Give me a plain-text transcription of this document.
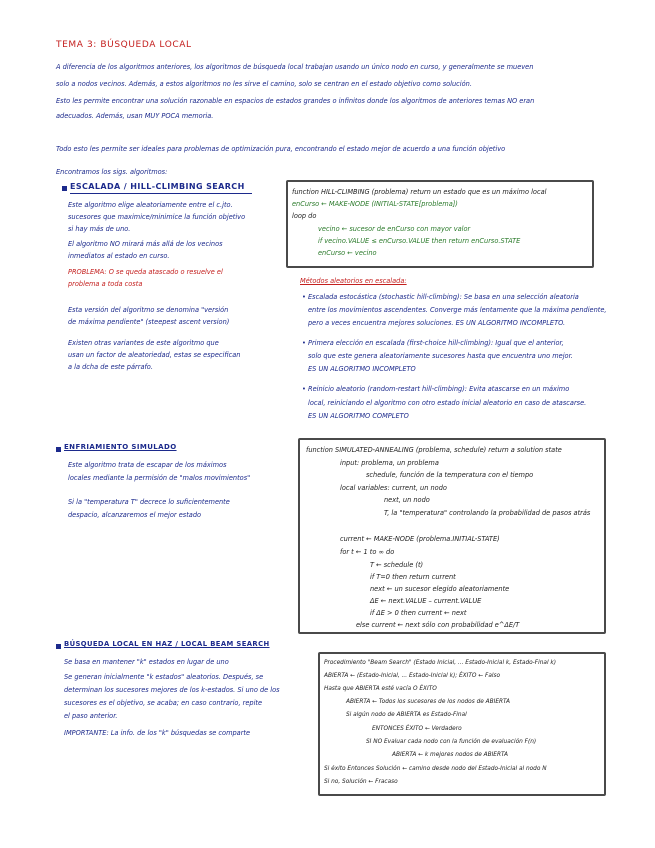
TEMA 3: BÚSQUEDA LOCAL
A diferencia de los algoritmos anteriores, los algoritmos de búsqueda local trabajan usando un único nodo en curso, y generalmente se mueven
solo a nodos vecinos. Además, a estos algoritmos no les sirve el camino, solo se centran en el estado objetivo como solución.
Esto les permite encontrar una solución razonable en espacios de estados grandes o infinitos donde los algoritmos de anteriores temas NO eran
adecuados. Además, usan MUY POCA memoria.
Todo esto les permite ser ideales para problemas de optimización pura, encontrando el estado mejor de acuerdo a una función objetivo
Encontramos los sigs. algoritmos:
ESCALADA / HILL-CLIMBING SEARCH
Este algoritmo elige aleatoriamente entre el c.jto.
sucesores que maximice/minimice la función objetivo
si hay más de uno.
El algoritmo NO mirará más allá de los vecinos
inmediatos al estado en curso.
PROBLEMA: O se queda atascado o resuelve el
problema a toda costa
Esta versión del algoritmo se denomina "versión
de máxima pendiente" (steepest ascent version)
Existen otras variantes de este algoritmo que
usan un factor de aleatoriedad, estas se especifican
a la dcha de este párrafo.
function HILL-CLIMBING (problema) return un estado que es un máximo local
enCurso ← MAKE-NODE (INITIAL-STATE[problema])
loop do
vecino ← sucesor de enCurso con mayor valor
if vecino.VALUE ≤ enCurso.VALUE then return enCurso.STATE
enCurso ← vecino
Métodos aleatorios en escalada:
• Escalada estocástica (stochastic hill-climbing): Se basa en una selección aleatoria
entre los movimientos ascendentes. Converge más lentamente que la máxima pendiente,
pero a veces encuentra mejores soluciones. ES UN ALGORITMO INCOMPLETO.
• Primera elección en escalada (first-choice hill-climbing): Igual que el anterior,
solo que este genera aleatoriamente sucesores hasta que encuentra uno mejor.
ES UN ALGORITMO INCOMPLETO
• Reinicio aleatorio (random-restart hill-climbing): Evita atascarse en un máximo
local, reiniciando el algoritmo con otro estado inicial aleatorio en caso de atascarse.
ES UN ALGORITMO COMPLETO
ENFRIAMIENTO SIMULADO
Este algoritmo trata de escapar de los máximos
locales mediante la permisión de "malos movimientos"
Si la "temperatura T" decrece lo suficientemente
despacio, alcanzaremos el mejor estado
function SIMULATED-ANNEALING (problema, schedule) return a solution state
input: problema, un problema
schedule, función de la temperatura con el tiempo
local variables: current, un nodo
next, un nodo
T, la "temperatura" controlando la probabilidad de pasos atrás
current ← MAKE-NODE (problema.INITIAL-STATE)
for t ← 1 to ∞ do
T ← schedule (t)
if T=0 then return current
next ← un sucesor elegido aleatoriamente
ΔE ← next.VALUE – current.VALUE
if ΔE > 0 then current ← next
else current ← next sólo con probabilidad e^ΔE/T
BÚSQUEDA LOCAL EN HAZ / LOCAL BEAM SEARCH
Se basa en mantener "k" estados en lugar de uno
Se generan inicialmente "k estados" aleatorios. Después, se
determinan los sucesores mejores de los k-estados. Si uno de los
sucesores es el objetivo, se acaba; en caso contrario, repite
el paso anterior.
IMPORTANTE: La info. de los "k" búsquedas se comparte
Procedimiento "Beam Search" (Estado Inicial, ... Estado-Inicial k, Estado-Final k)
ABIERTA ← (Estado-Inicial, ... Estado-Inicial k); ÉXITO ← Falso
Hasta que ABIERTA esté vacía O ÉXITO
ABIERTA ← Todos los sucesores de los nodos de ABIERTA
Si algún nodo de ABIERTA es Estado-Final
ENTONCES ÉXITO ← Verdadero
SI NO Evaluar cada nodo con la función de evaluación F(n)
ABIERTA ← k mejores nodos de ABIERTA
Si éxito Entonces Solución ← camino desde nodo del Estado-Inicial al nodo N
Si no, Solución ← Fracaso
